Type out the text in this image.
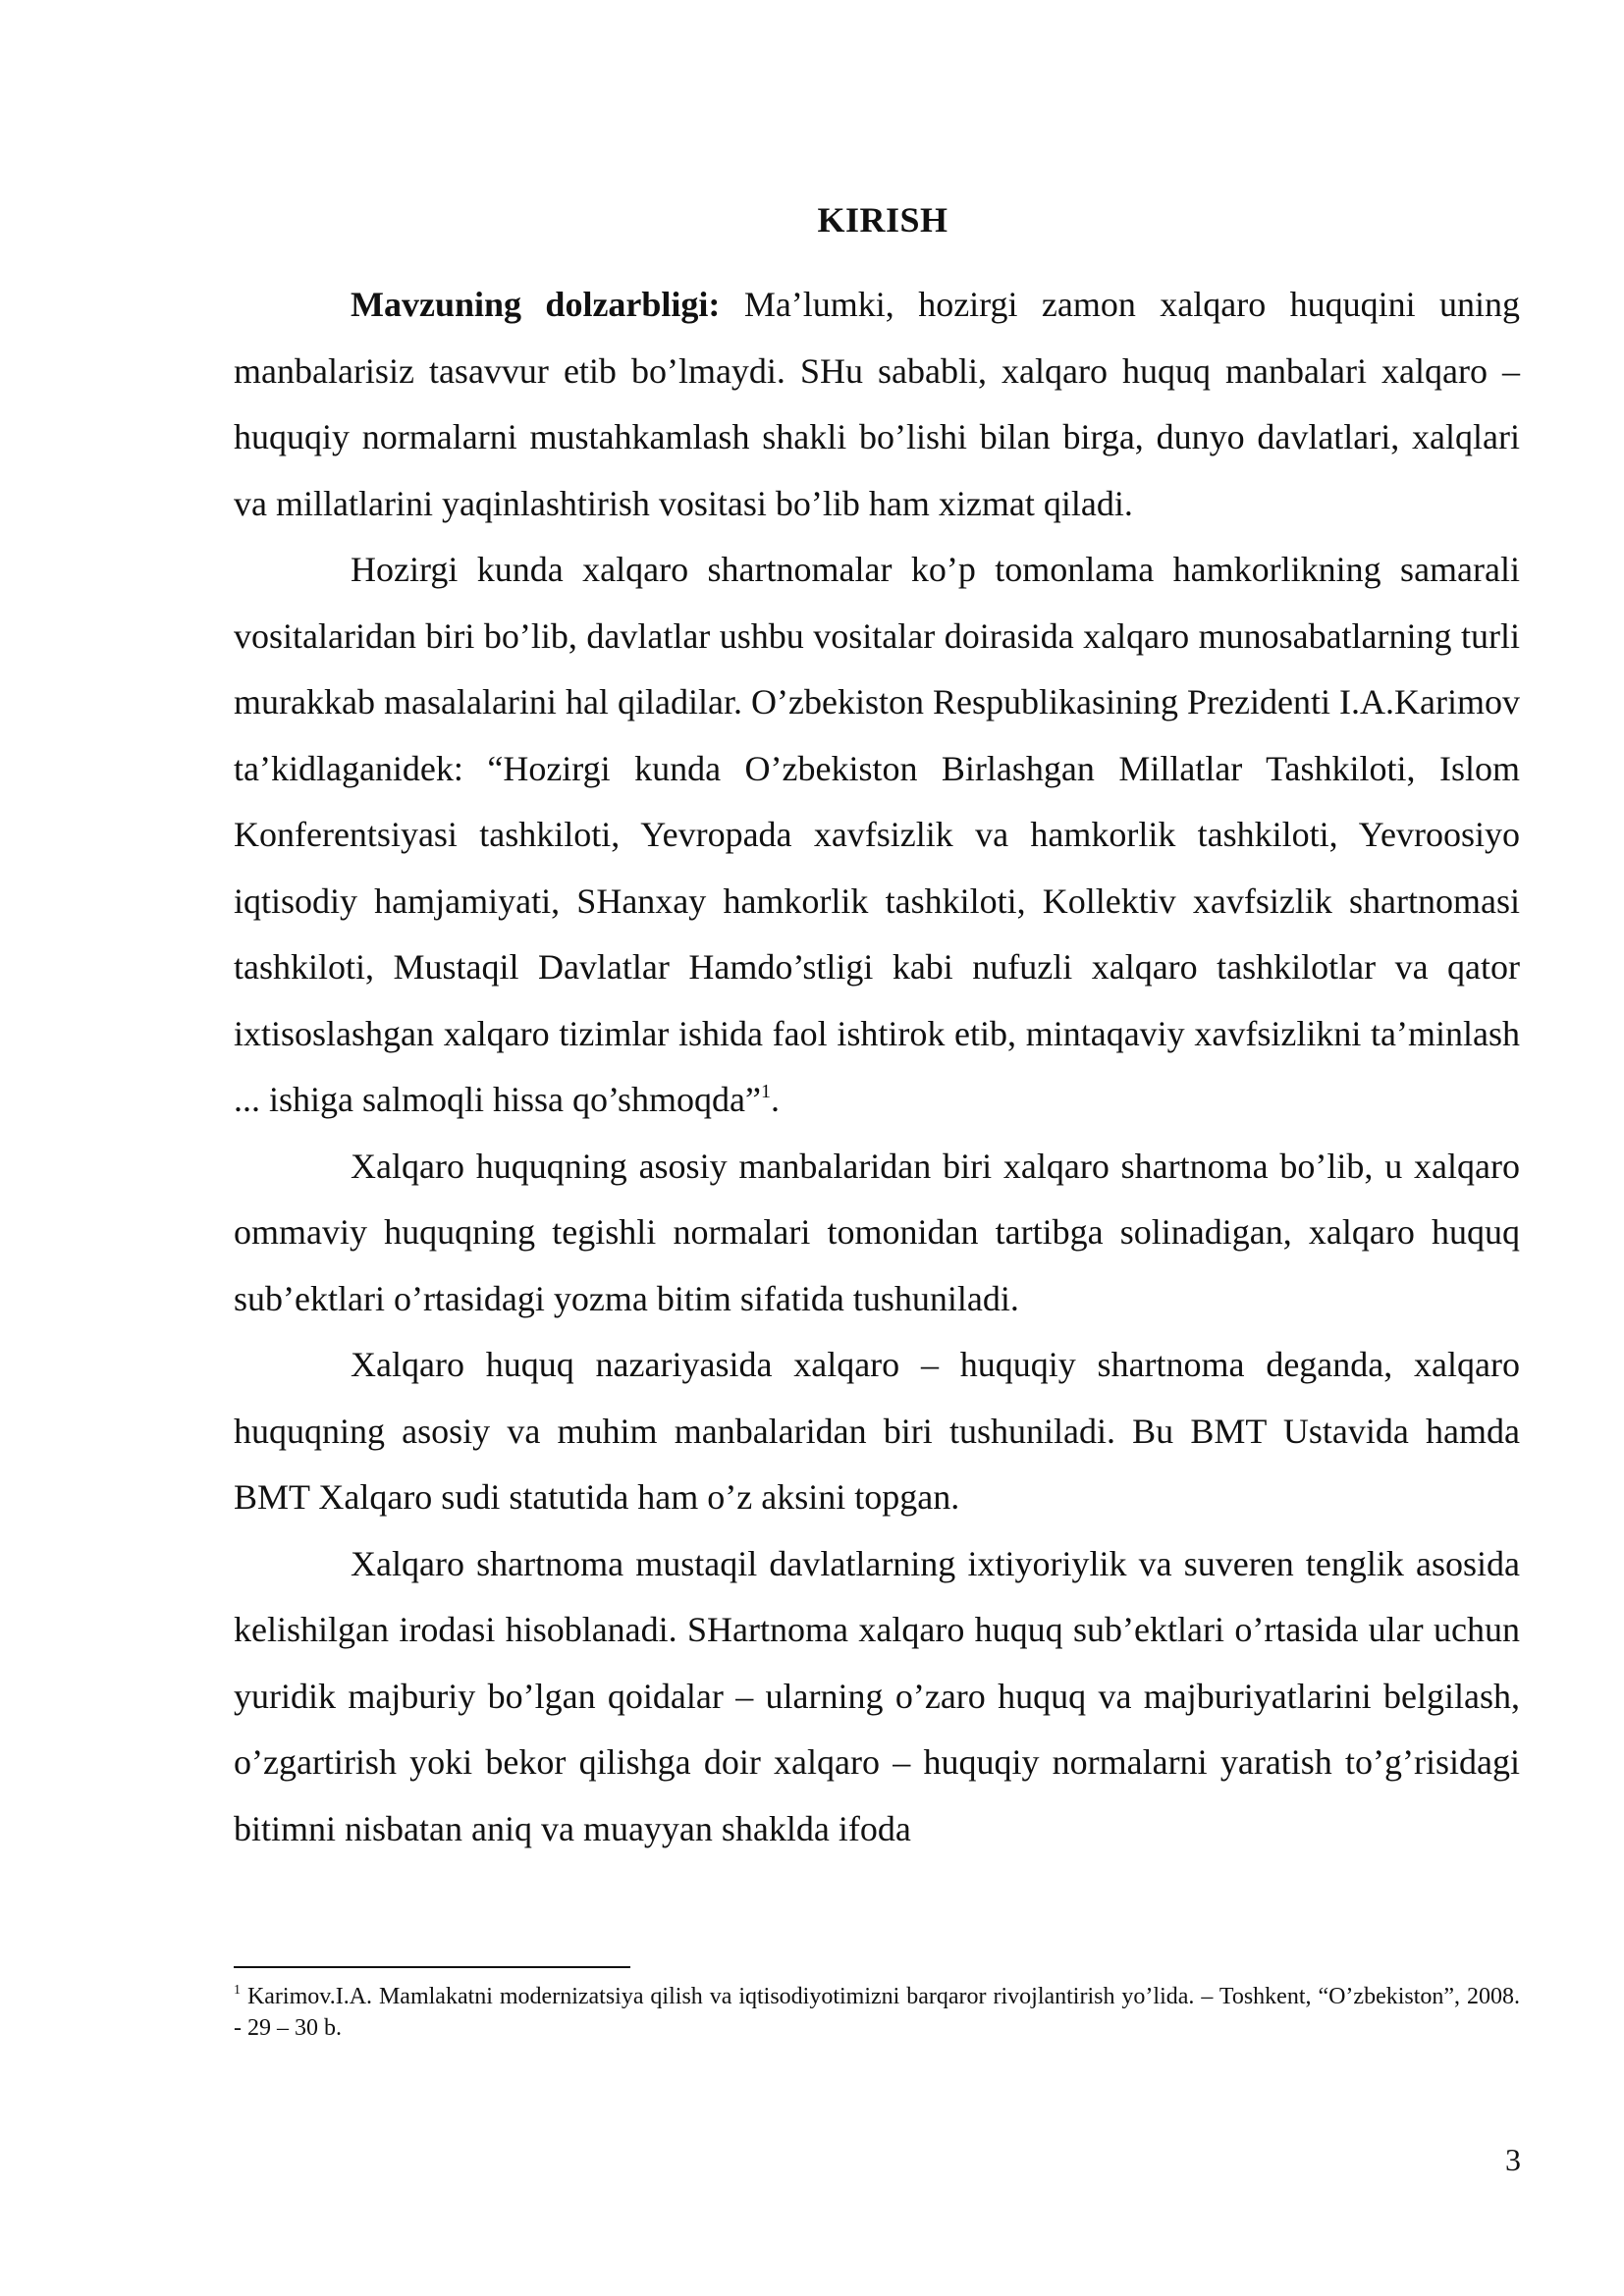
KIRISH

Mavzuning dolzarbligi: Ma’lumki, hozirgi zamon xalqaro huquqini uning manbalarisiz tasavvur etib bo’lmaydi. SHu sababli, xalqaro huquq manbalari xalqaro – huquqiy normalarni mustahkamlash shakli bo’lishi bilan birga, dunyo davlatlari, xalqlari va millatlarini yaqinlashtirish vositasi bo’lib ham xizmat qiladi.

Hozirgi kunda xalqaro shartnomalar ko’p tomonlama hamkorlikning samarali vositalaridan biri bo’lib, davlatlar ushbu vositalar doirasida xalqaro munosabatlarning turli murakkab masalalarini hal qiladilar. O’zbekiston Respublikasining Prezidenti I.A.Karimov ta’kidlaganidek: “Hozirgi kunda O’zbekiston Birlashgan Millatlar Tashkiloti, Islom Konferentsiyasi tashkiloti, Yevropada xavfsizlik va hamkorlik tashkiloti, Yevroosiyo iqtisodiy hamjamiyati, SHanxay hamkorlik tashkiloti, Kollektiv xavfsizlik shartnomasi tashkiloti, Mustaqil Davlatlar Hamdo’stligi kabi nufuzli xalqaro tashkilotlar va qator ixtisoslashgan xalqaro tizimlar ishida faol ishtirok etib, mintaqaviy xavfsizlikni ta’minlash ... ishiga salmoqli hissa qo’shmoqda”$^1$.

Xalqaro huquqning asosiy manbalaridan biri xalqaro shartnoma bo’lib, u xalqaro ommaviy huquqning tegishli normalari tomonidan tartibga solinadigan, xalqaro huquq sub’ektlari o’rtasidagi yozma bitim sifatida tushuniladi.

Xalqaro huquq nazariyasida xalqaro – huquqiy shartnoma deganda, xalqaro huquqning asosiy va muhim manbalaridan biri tushuniladi. Bu BMT Ustavida hamda BMT Xalqaro sudi statutida ham o’z aksini topgan.

Xalqaro shartnoma mustaqil davlatlarning ixtiyoriylik va suveren tenglik asosida kelishilgan irodasi hisoblanadi. SHartnoma xalqaro huquq sub’ektlari o’rtasida ular uchun yuridik majburiy bo’lgan qoidalar – ularning o’zaro huquq va majburiyatlarini belgilash, o’zgartirish yoki bekor qilishga doir xalqaro – huquqiy normalarni yaratish to’g’risidagi bitimni nisbatan aniq va muayyan shaklda ifoda

$^1$ Karimov.I.A. Mamlakatni modernizatsiya qilish va iqtisodiyotimizni barqaror rivojlantirish yo’lida. – Toshkent, “O’zbekiston”, 2008. - 29 – 30 b.
3
